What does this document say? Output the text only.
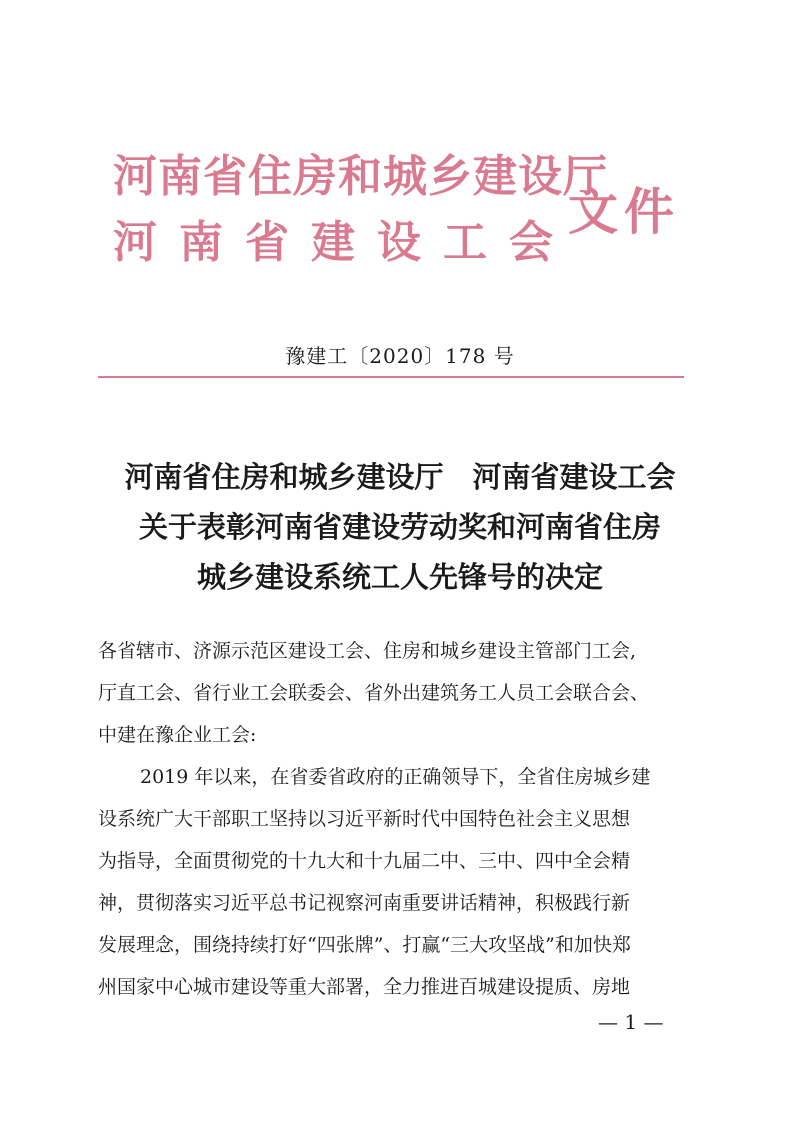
河南省住房和城乡建设厅
河南省建设工会
文件
豫建工〔2020〕178 号
河南省住房和城乡建设厅　河南省建设工会
关于表彰河南省建设劳动奖和河南省住房
城乡建设系统工人先锋号的决定
各省辖市、济源示范区建设工会、住房和城乡建设主管部门工会,
厅直工会、省行业工会联委会、省外出建筑务工人员工会联合会、
中建在豫企业工会:
2019 年以来，在省委省政府的正确领导下，全省住房城乡建
设系统广大干部职工坚持以习近平新时代中国特色社会主义思想
为指导，全面贯彻党的十九大和十九届二中、三中、四中全会精
神，贯彻落实习近平总书记视察河南重要讲话精神，积极践行新
发展理念，围绕持续打好“四张牌”、打赢“三大攻坚战”和加快郑
州国家中心城市建设等重大部署，全力推进百城建设提质、房地
— 1 —
